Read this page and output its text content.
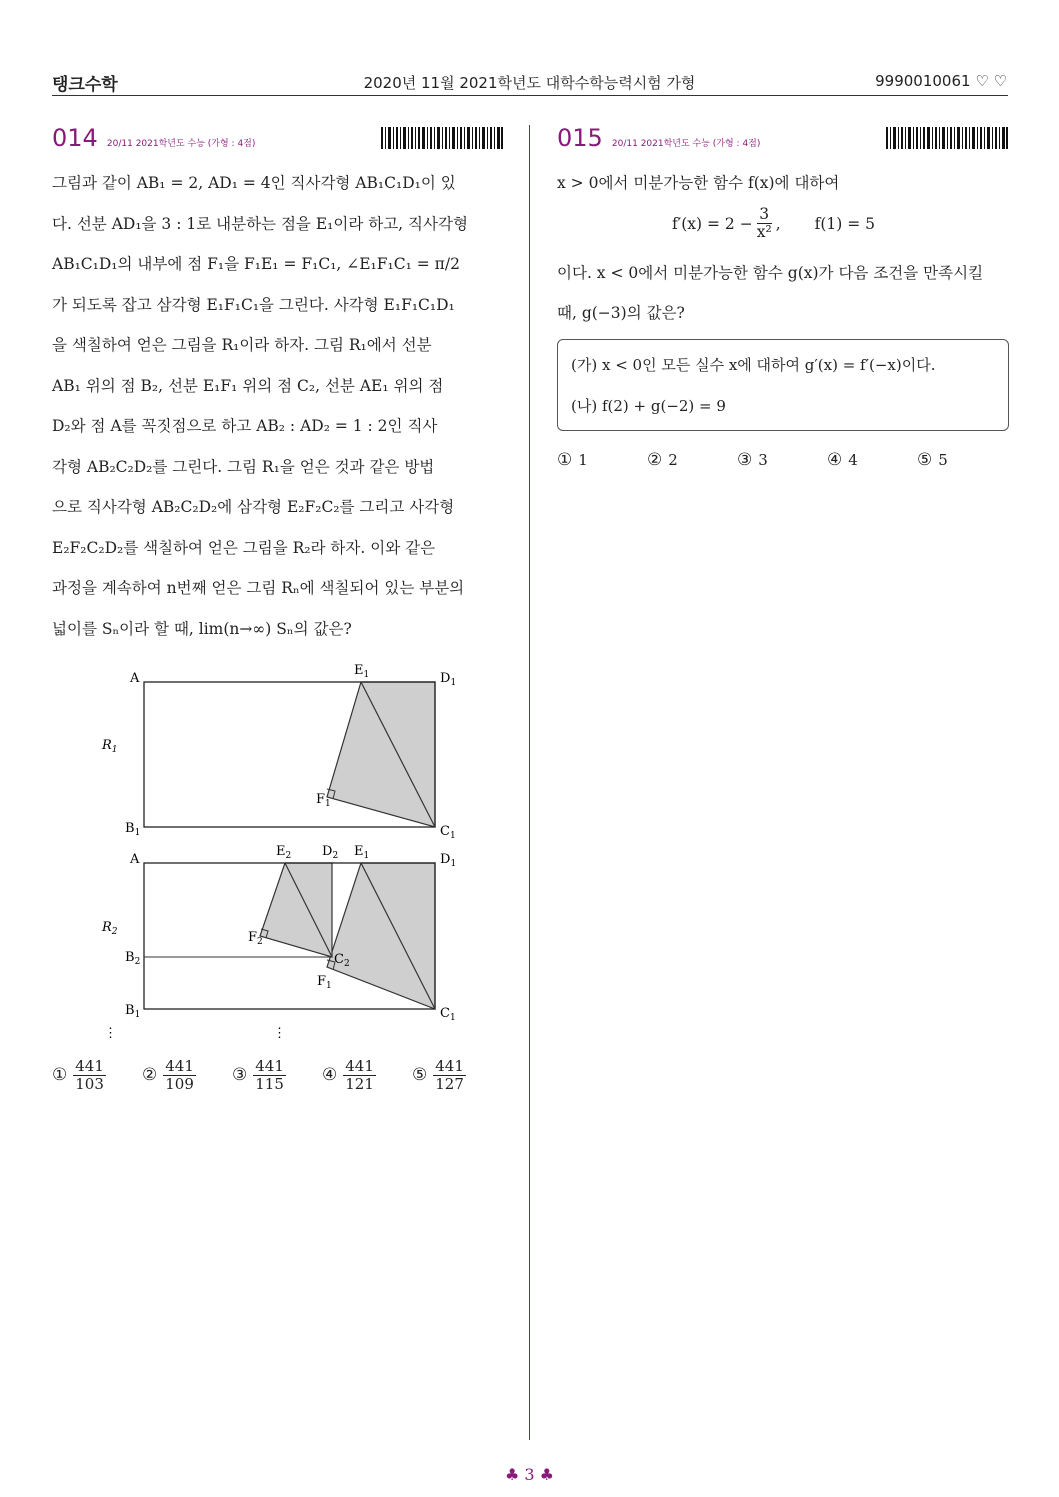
탱크수학	2020년 11월 2021학년도 대학수학능력시험 가형	9990010061 ♡ ♡
014 20/11 2021학년도 수능 (가형 : 4점)
그림과 같이 AB₁ = 2, AD₁ = 4인 직사각형 AB₁C₁D₁이 있
다. 선분 AD₁을 3 : 1로 내분하는 점을 E₁이라 하고, 직사각형
AB₁C₁D₁의 내부에 점 F₁을 F₁E₁ = F₁C₁, ∠E₁F₁C₁ = π/2
가 되도록 잡고 삼각형 E₁F₁C₁을 그린다. 사각형 E₁F₁C₁D₁
을 색칠하여 얻은 그림을 R₁이라 하자. 그림 R₁에서 선분
AB₁ 위의 점 B₂, 선분 E₁F₁ 위의 점 C₂, 선분 AE₁ 위의 점
D₂와 점 A를 꼭짓점으로 하고 AB₂ : AD₂ = 1 : 2인 직사
각형 AB₂C₂D₂를 그린다. 그림 R₁을 얻은 것과 같은 방법
으로 직사각형 AB₂C₂D₂에 삼각형 E₂F₂C₂를 그리고 사각형
E₂F₂C₂D₂를 색칠하여 얻은 그림을 R₂라 하자. 이와 같은
과정을 계속하여 n번째 얻은 그림 Rₙ에 색칠되어 있는 부분의
넓이를 Sₙ이라 할 때, lim(n→∞) Sₙ의 값은?
A
$E_1$	$D_1$
$B_1$	$C_1$
$F_1$
$R_1$
A
$E_2$ $D_2$ $E_1$	$D_1$
$B_2$	$C_2$
$F_2$
$F_1$
$B_1$	$C_1$
$R_2$
⋮	⋮
① $\frac{441}{103}$ ② $\frac{441}{109}$ ③ $\frac{441}{115}$ ④ $\frac{441}{121}$ ⑤ $\frac{441}{127}$
015 20/11 2021학년도 수능 (가형 : 4점)
x > 0에서 미분가능한 함수 f(x)에 대하여
$f'(x) = 2 - \frac{3}{\text{x²}}$ , f(1) = 5
이다. x < 0에서 미분가능한 함수 g(x)가 다음 조건을 만족시킬
때, g(−3)의 값은?
(가) x < 0인 모든 실수 x에 대하여 g′(x) = f′(−x)이다.
(나) f(2) + g(−2) = 9
① 1	② 2	③ 3	④ 4	⑤ 5
♣ 3 ♣
